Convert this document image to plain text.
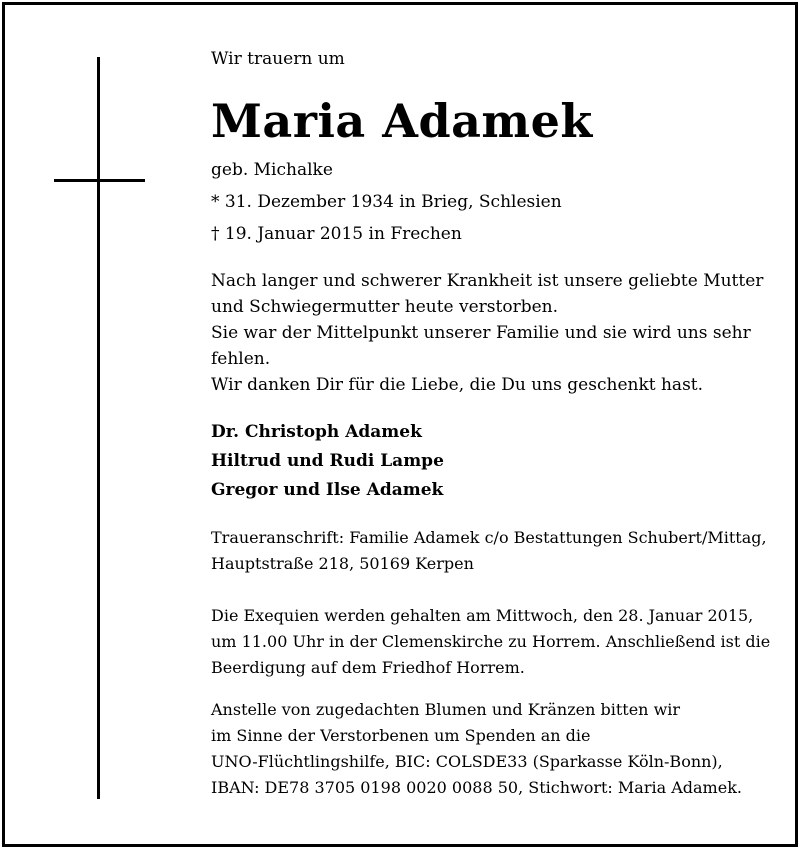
Wir trauern um

Maria Adamek

geb. Michalke

* 31. Dezember 1934 in Brieg, Schlesien

† 19. Januar 2015 in Frechen

Nach langer und schwerer Krankheit ist unsere geliebte Mutter

und Schwiegermutter heute verstorben.

Sie war der Mittelpunkt unserer Familie und sie wird uns sehr

fehlen.

Wir danken Dir für die Liebe, die Du uns geschenkt hast.

Dr. Christoph Adamek

Hiltrud und Rudi Lampe

Gregor und Ilse Adamek

Traueranschrift: Familie Adamek c/o Bestattungen Schubert/Mittag,

Hauptstraße 218, 50169 Kerpen

Die Exequien werden gehalten am Mittwoch, den 28. Januar 2015,

um 11.00 Uhr in der Clemenskirche zu Horrem. Anschließend ist die

Beerdigung auf dem Friedhof Horrem.

Anstelle von zugedachten Blumen und Kränzen bitten wir

im Sinne der Verstorbenen um Spenden an die

UNO-Flüchtlingshilfe, BIC: COLSDE33 (Sparkasse Köln-Bonn),

IBAN: DE78 3705 0198 0020 0088 50, Stichwort: Maria Adamek.
